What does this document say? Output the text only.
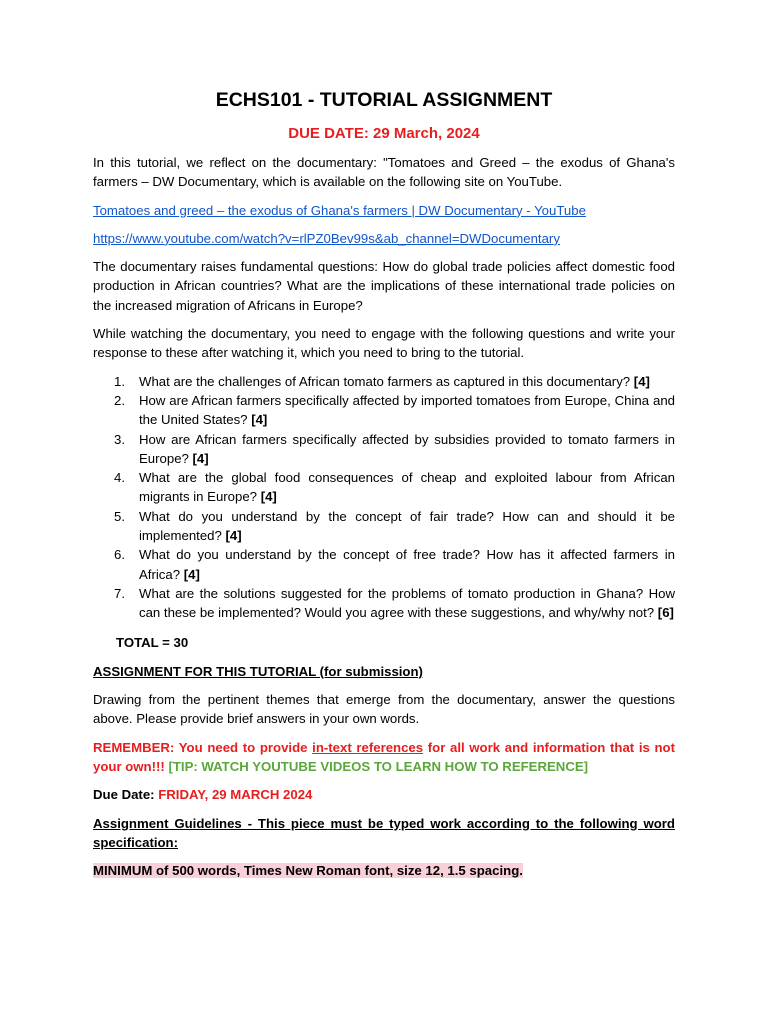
ECHS101 - TUTORIAL ASSIGNMENT
DUE DATE: 29 March, 2024

In this tutorial, we reflect on the documentary: "Tomatoes and Greed – the exodus of Ghana's farmers – DW Documentary, which is available on the following site on YouTube.

Tomatoes and greed – the exodus of Ghana's farmers | DW Documentary - YouTube
https://www.youtube.com/watch?v=rlPZ0Bev99s&ab_channel=DWDocumentary

The documentary raises fundamental questions: How do global trade policies affect domestic food production in African countries? What are the implications of these international trade policies on the increased migration of Africans in Europe?

While watching the documentary, you need to engage with the following questions and write your response to these after watching it, which you need to bring to the tutorial.

1. What are the challenges of African tomato farmers as captured in this documentary? [4]
2. How are African farmers specifically affected by imported tomatoes from Europe, China and the United States? [4]
3. How are African farmers specifically affected by subsidies provided to tomato farmers in Europe? [4]
4. What are the global food consequences of cheap and exploited labour from African migrants in Europe? [4]
5. What do you understand by the concept of fair trade? How can and should it be implemented? [4]
6. What do you understand by the concept of free trade? How has it affected farmers in Africa? [4]
7. What are the solutions suggested for the problems of tomato production in Ghana? How can these be implemented? Would you agree with these suggestions, and why/why not? [6]

TOTAL = 30

ASSIGNMENT FOR THIS TUTORIAL (for submission)

Drawing from the pertinent themes that emerge from the documentary, answer the questions above. Please provide brief answers in your own words.

REMEMBER: You need to provide in-text references for all work and information that is not your own!!! [TIP: WATCH YOUTUBE VIDEOS TO LEARN HOW TO REFERENCE]

Due Date: FRIDAY, 29 MARCH 2024

Assignment Guidelines - This piece must be typed work according to the following word specification:

MINIMUM of 500 words, Times New Roman font, size 12, 1.5 spacing.
